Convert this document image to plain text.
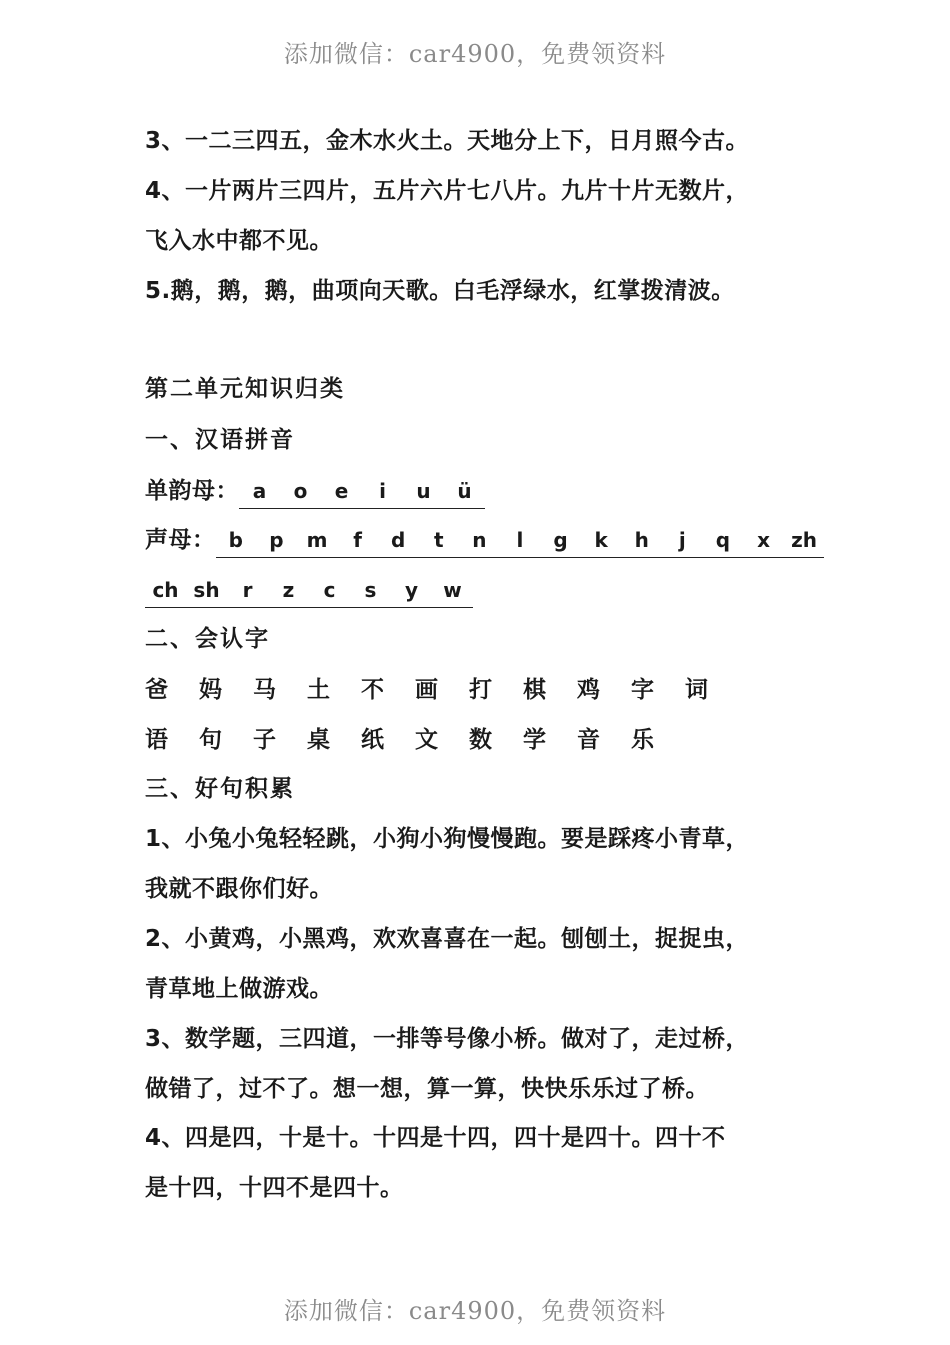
添加微信：car4900，免费领资料
3、一二三四五，金木水火土。天地分上下，日月照今古。
4、一片两片三四片，五片六片七八片。九片十片无数片，
飞入水中都不见。
5.鹅，鹅，鹅，曲项向天歌。白毛浮绿水，红掌拨清波。
第二单元知识归类
一、汉语拼音
单韵母： a o e i u ü
声母： b p m f d t n l g k h j q x zh
ch sh r z c s y w
二、会认字
爸 妈 马 土 不 画 打 棋 鸡 字 词
语 句 子 桌 纸 文 数 学 音 乐
三、好句积累
1、小兔小兔轻轻跳，小狗小狗慢慢跑。要是踩疼小青草，
我就不跟你们好。
2、小黄鸡，小黑鸡，欢欢喜喜在一起。刨刨土，捉捉虫，
青草地上做游戏。
3、数学题，三四道，一排等号像小桥。做对了，走过桥，
做错了，过不了。想一想，算一算，快快乐乐过了桥。
4、四是四，十是十。十四是十四，四十是四十。四十不
是十四，十四不是四十。
添加微信：car4900，免费领资料
